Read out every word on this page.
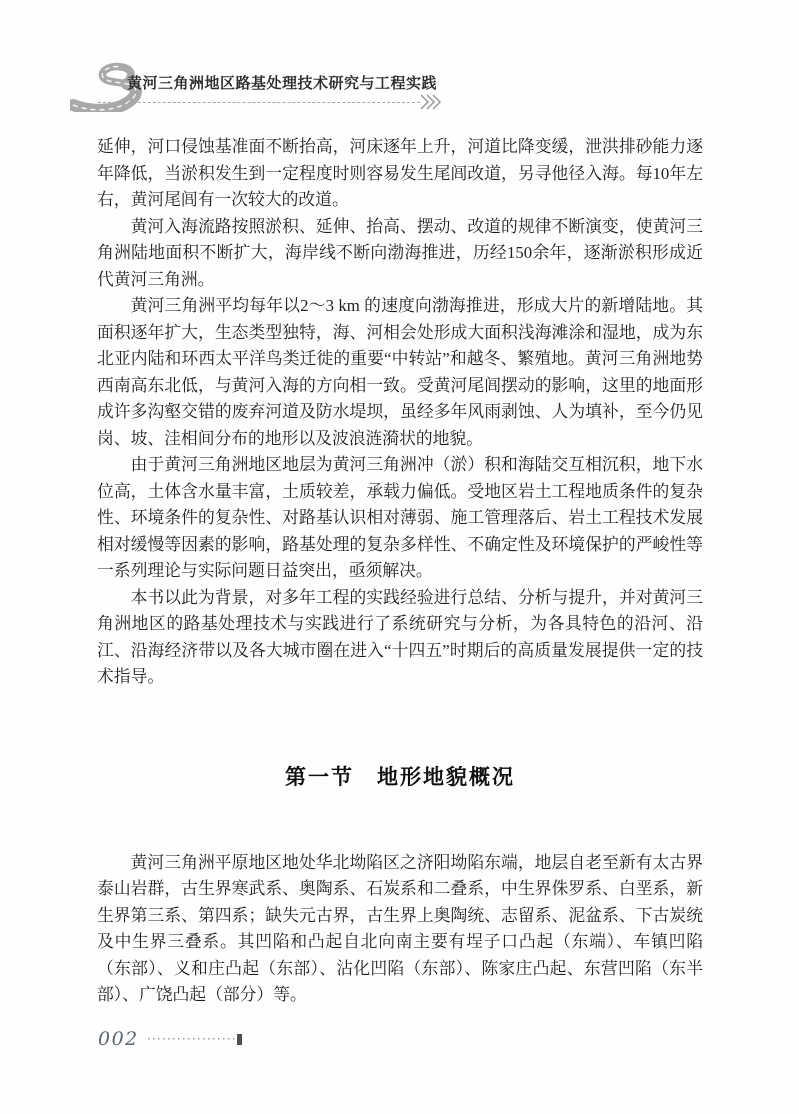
黄河三角洲地区路基处理技术研究与工程实践

延伸，河口侵蚀基准面不断抬高，河床逐年上升，河道比降变缓，泄洪排砂能力逐年降低，当淤积发生到一定程度时则容易发生尾闾改道，另寻他径入海。每10年左右，黄河尾闾有一次较大的改道。

黄河入海流路按照淤积、延伸、抬高、摆动、改道的规律不断演变，使黄河三角洲陆地面积不断扩大，海岸线不断向渤海推进，历经150余年，逐渐淤积形成近代黄河三角洲。

黄河三角洲平均每年以2～3 km 的速度向渤海推进，形成大片的新增陆地。其面积逐年扩大，生态类型独特，海、河相会处形成大面积浅海滩涂和湿地，成为东北亚内陆和环西太平洋鸟类迁徙的重要“中转站”和越冬、繁殖地。黄河三角洲地势西南高东北低，与黄河入海的方向相一致。受黄河尾闾摆动的影响，这里的地面形成许多沟壑交错的废弃河道及防水堤坝，虽经多年风雨剥蚀、人为填补，至今仍见岗、坡、洼相间分布的地形以及波浪涟漪状的地貌。

由于黄河三角洲地区地层为黄河三角洲冲（淤）积和海陆交互相沉积，地下水位高，土体含水量丰富，土质较差，承载力偏低。受地区岩土工程地质条件的复杂性、环境条件的复杂性、对路基认识相对薄弱、施工管理落后、岩土工程技术发展相对缓慢等因素的影响，路基处理的复杂多样性、不确定性及环境保护的严峻性等一系列理论与实际问题日益突出，亟须解决。

本书以此为背景，对多年工程的实践经验进行总结、分析与提升，并对黄河三角洲地区的路基处理技术与实践进行了系统研究与分析，为各具特色的沿河、沿江、沿海经济带以及各大城市圈在进入“十四五”时期后的高质量发展提供一定的技术指导。

第一节　地形地貌概况

黄河三角洲平原地区地处华北坳陷区之济阳坳陷东端，地层自老至新有太古界泰山岩群，古生界寒武系、奥陶系、石炭系和二叠系，中生界侏罗系、白垩系，新生界第三系、第四系；缺失元古界，古生界上奥陶统、志留系、泥盆系、下古炭统及中生界三叠系。其凹陷和凸起自北向南主要有埕子口凸起（东端）、车镇凹陷（东部）、义和庄凸起（东部）、沾化凹陷（东部）、陈家庄凸起、东营凹陷（东半部）、广饶凸起（部分）等。

002
